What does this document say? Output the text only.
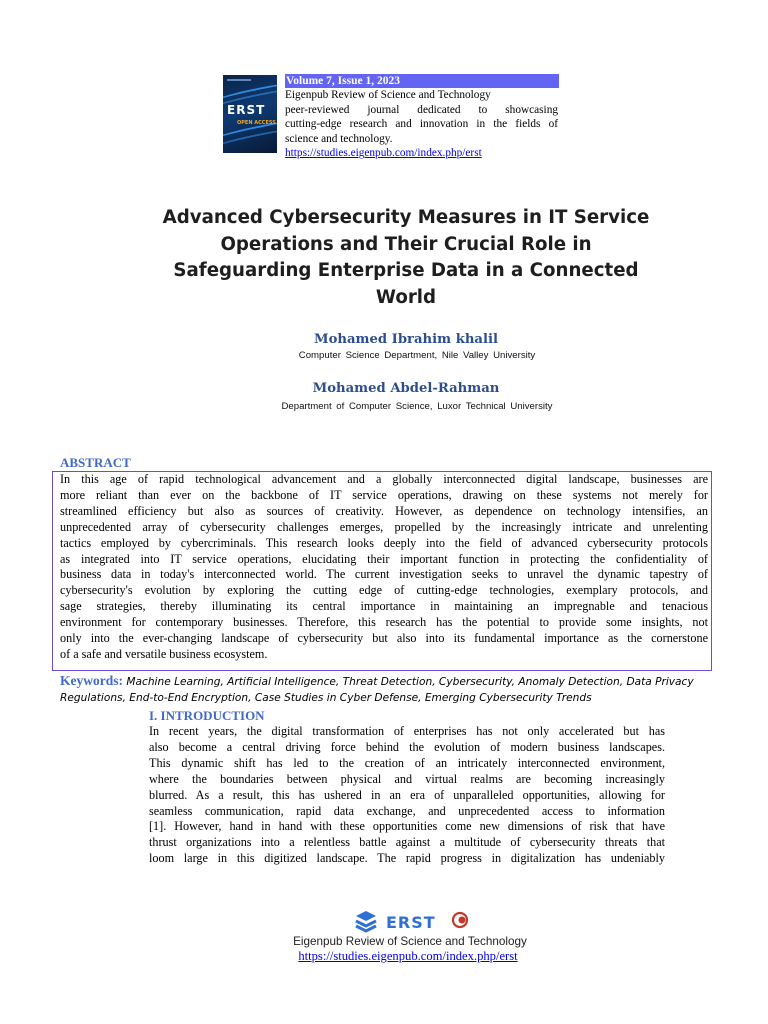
ERST
OPEN ACCESS
Volume 7, Issue 1, 2023
Eigenpub Review of Science and Technology
peer-reviewed journal dedicated to showcasing
cutting-edge research and innovation in the fields of
science and technology.
https://studies.eigenpub.com/index.php/erst
Advanced Cybersecurity Measures in IT Service
Operations and Their Crucial Role in
Safeguarding Enterprise Data in a Connected
World
Mohamed Ibrahim khalil
Computer Science Department, Nile Valley University
Mohamed Abdel-Rahman
Department of Computer Science, Luxor Technical University
ABSTRACT
In this age of rapid technological advancement and a globally interconnected digital landscape, businesses are
more reliant than ever on the backbone of IT service operations, drawing on these systems not merely for
streamlined efficiency but also as sources of creativity. However, as dependence on technology intensifies, an
unprecedented array of cybersecurity challenges emerges, propelled by the increasingly intricate and unrelenting
tactics employed by cybercriminals. This research looks deeply into the field of advanced cybersecurity protocols
as integrated into IT service operations, elucidating their important function in protecting the confidentiality of
business data in today's interconnected world. The current investigation seeks to unravel the dynamic tapestry of
cybersecurity's evolution by exploring the cutting edge of cutting-edge technologies, exemplary protocols, and
sage strategies, thereby illuminating its central importance in maintaining an impregnable and tenacious
environment for contemporary businesses. Therefore, this research has the potential to provide some insights, not
only into the ever-changing landscape of cybersecurity but also into its fundamental importance as the cornerstone
of a safe and versatile business ecosystem.
Keywords: Machine Learning, Artificial Intelligence, Threat Detection, Cybersecurity, Anomaly Detection, Data Privacy Regulations, End-to-End Encryption, Case Studies in Cyber Defense, Emerging Cybersecurity Trends
I. INTRODUCTION
In recent years, the digital transformation of enterprises has not only accelerated but has
also become a central driving force behind the evolution of modern business landscapes.
This dynamic shift has led to the creation of an intricately interconnected environment,
where the boundaries between physical and virtual realms are becoming increasingly
blurred. As a result, this has ushered in an era of unparalleled opportunities, allowing for
seamless communication, rapid data exchange, and unprecedented access to information
[1]. However, hand in hand with these opportunities come new dimensions of risk that have
thrust organizations into a relentless battle against a multitude of cybersecurity threats that
loom large in this digitized landscape. The rapid progress in digitalization has undeniably
ERST
Eigenpub Review of Science and Technology
https://studies.eigenpub.com/index.php/erst
